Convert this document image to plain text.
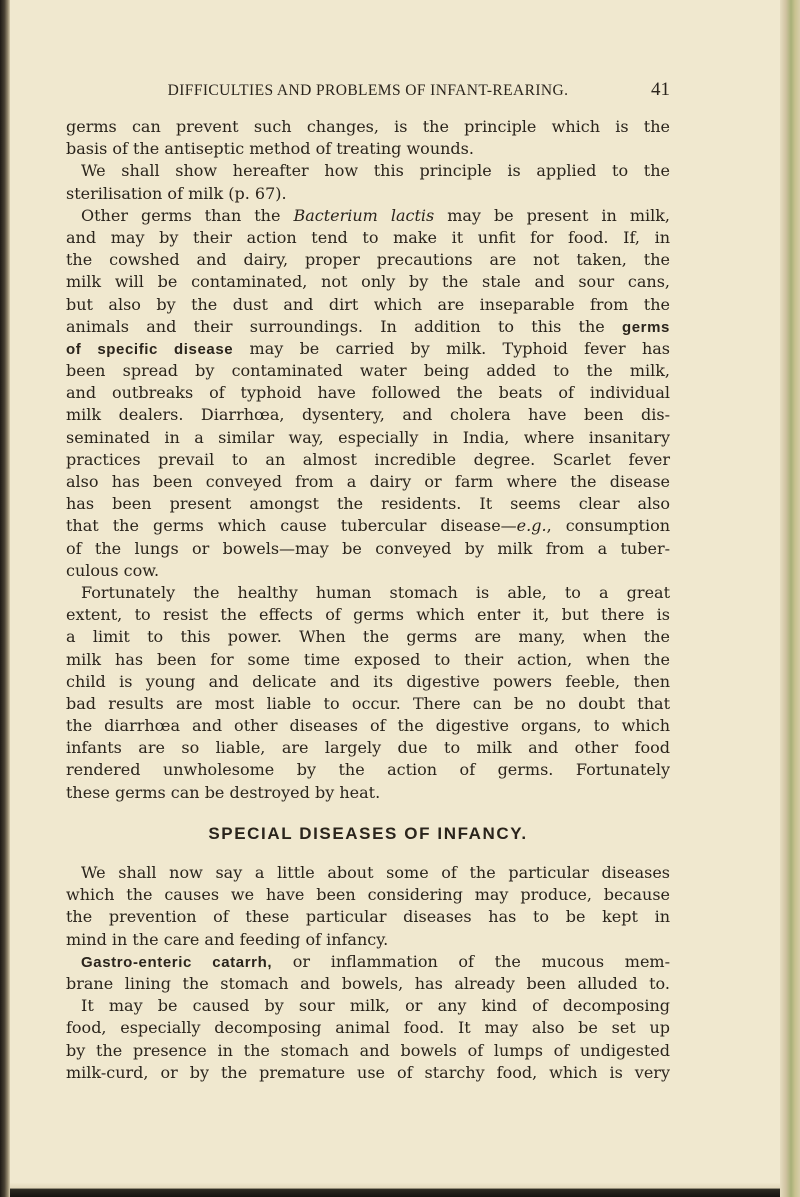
DIFFICULTIES AND PROBLEMS OF INFANT-REARING.	41
germs can prevent such changes, is the principle which is the
basis of the antiseptic method of treating wounds.
We shall show hereafter how this principle is applied to the
sterilisation of milk (p. 67).
Other germs than the Bacterium lactis may be present in milk,
and may by their action tend to make it unfit for food. If, in
the cowshed and dairy, proper precautions are not taken, the
milk will be contaminated, not only by the stale and sour cans,
but also by the dust and dirt which are inseparable from the
animals and their surroundings. In addition to this the germs
of specific disease may be carried by milk. Typhoid fever has
been spread by contaminated water being added to the milk,
and outbreaks of typhoid have followed the beats of individual
milk dealers. Diarrhœa, dysentery, and cholera have been dis-
seminated in a similar way, especially in India, where insanitary
practices prevail to an almost incredible degree. Scarlet fever
also has been conveyed from a dairy or farm where the disease
has been present amongst the residents. It seems clear also
that the germs which cause tubercular disease—e.g., consumption
of the lungs or bowels—may be conveyed by milk from a tuber-
culous cow.
Fortunately the healthy human stomach is able, to a great
extent, to resist the effects of germs which enter it, but there is
a limit to this power. When the germs are many, when the
milk has been for some time exposed to their action, when the
child is young and delicate and its digestive powers feeble, then
bad results are most liable to occur. There can be no doubt that
the diarrhœa and other diseases of the digestive organs, to which
infants are so liable, are largely due to milk and other food
rendered unwholesome by the action of germs. Fortunately
these germs can be destroyed by heat.
SPECIAL DISEASES OF INFANCY.
We shall now say a little about some of the particular diseases
which the causes we have been considering may produce, because
the prevention of these particular diseases has to be kept in
mind in the care and feeding of infancy.
Gastro-enteric catarrh, or inflammation of the mucous mem-
brane lining the stomach and bowels, has already been alluded to.
It may be caused by sour milk, or any kind of decomposing
food, especially decomposing animal food. It may also be set up
by the presence in the stomach and bowels of lumps of undigested
milk-curd, or by the premature use of starchy food, which is very
